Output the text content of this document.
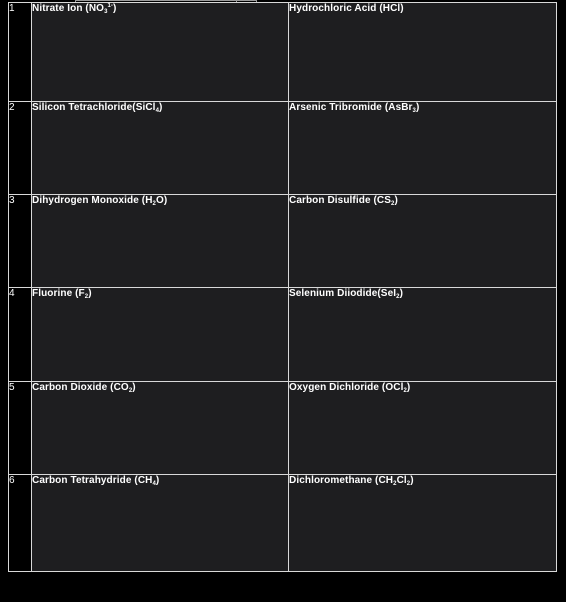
1	Nitrate Ion $(NO_3^{1-})$	Hydrochloric Acid (HCl)
2	Silicon Tetrachloride(SiCl$_4$)	Arsenic Tribromide (AsBr$_3$)
3	Dihydrogen Monoxide $(H_2O)$	Carbon Disulfide $(CS_2)$
4	Fluorine $(F_2)$	Selenium Diiodide(SeI$_2$)
5	Carbon Dioxide $(CO_2)$	Oxygen Dichloride (OCl$_2$)
6	Carbon Tetrahydride $(CH_4)$	Dichloromethane $(CH_2Cl_2)$
